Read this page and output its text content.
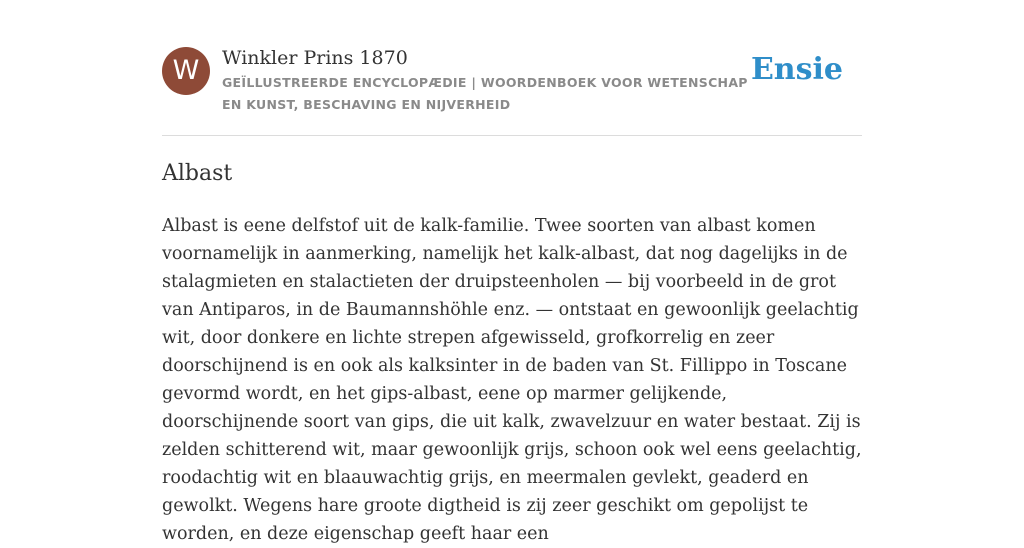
W	Winkler Prins 1870

GEÏLLUSTREERDE ENCYCLOPÆDIE | WOORDENBOEK VOOR WETENSCHAP EN KUNST, BESCHAVING EN NIJVERHEID

Ensie
Albast

Albast is eene delfstof uit de kalk-familie. Twee soorten van albast komen voornamelijk in aanmerking, namelijk het kalk-albast, dat nog dagelijks in de stalagmieten en stalactieten der druipsteenholen — bij voorbeeld in de grot van Antiparos, in de Baumannshöhle enz. — ontstaat en gewoonlijk geelachtig wit, door donkere en lichte strepen afgewisseld, grofkorrelig en zeer doorschijnend is en ook als kalksinter in de baden van St. Fillippo in Toscane gevormd wordt, en het gips-albast, eene op marmer gelijkende, doorschijnende soort van gips, die uit kalk, zwavelzuur en water bestaat. Zij is zelden schitterend wit, maar gewoonlijk grijs, schoon ook wel eens geelachtig, roodachtig wit en blaauwachtig grijs, en meermalen gevlekt, geaderd en gewolkt. Wegens hare groote digtheid is zij zeer geschikt om gepolijst te worden, en deze eigenschap geeft haar een
